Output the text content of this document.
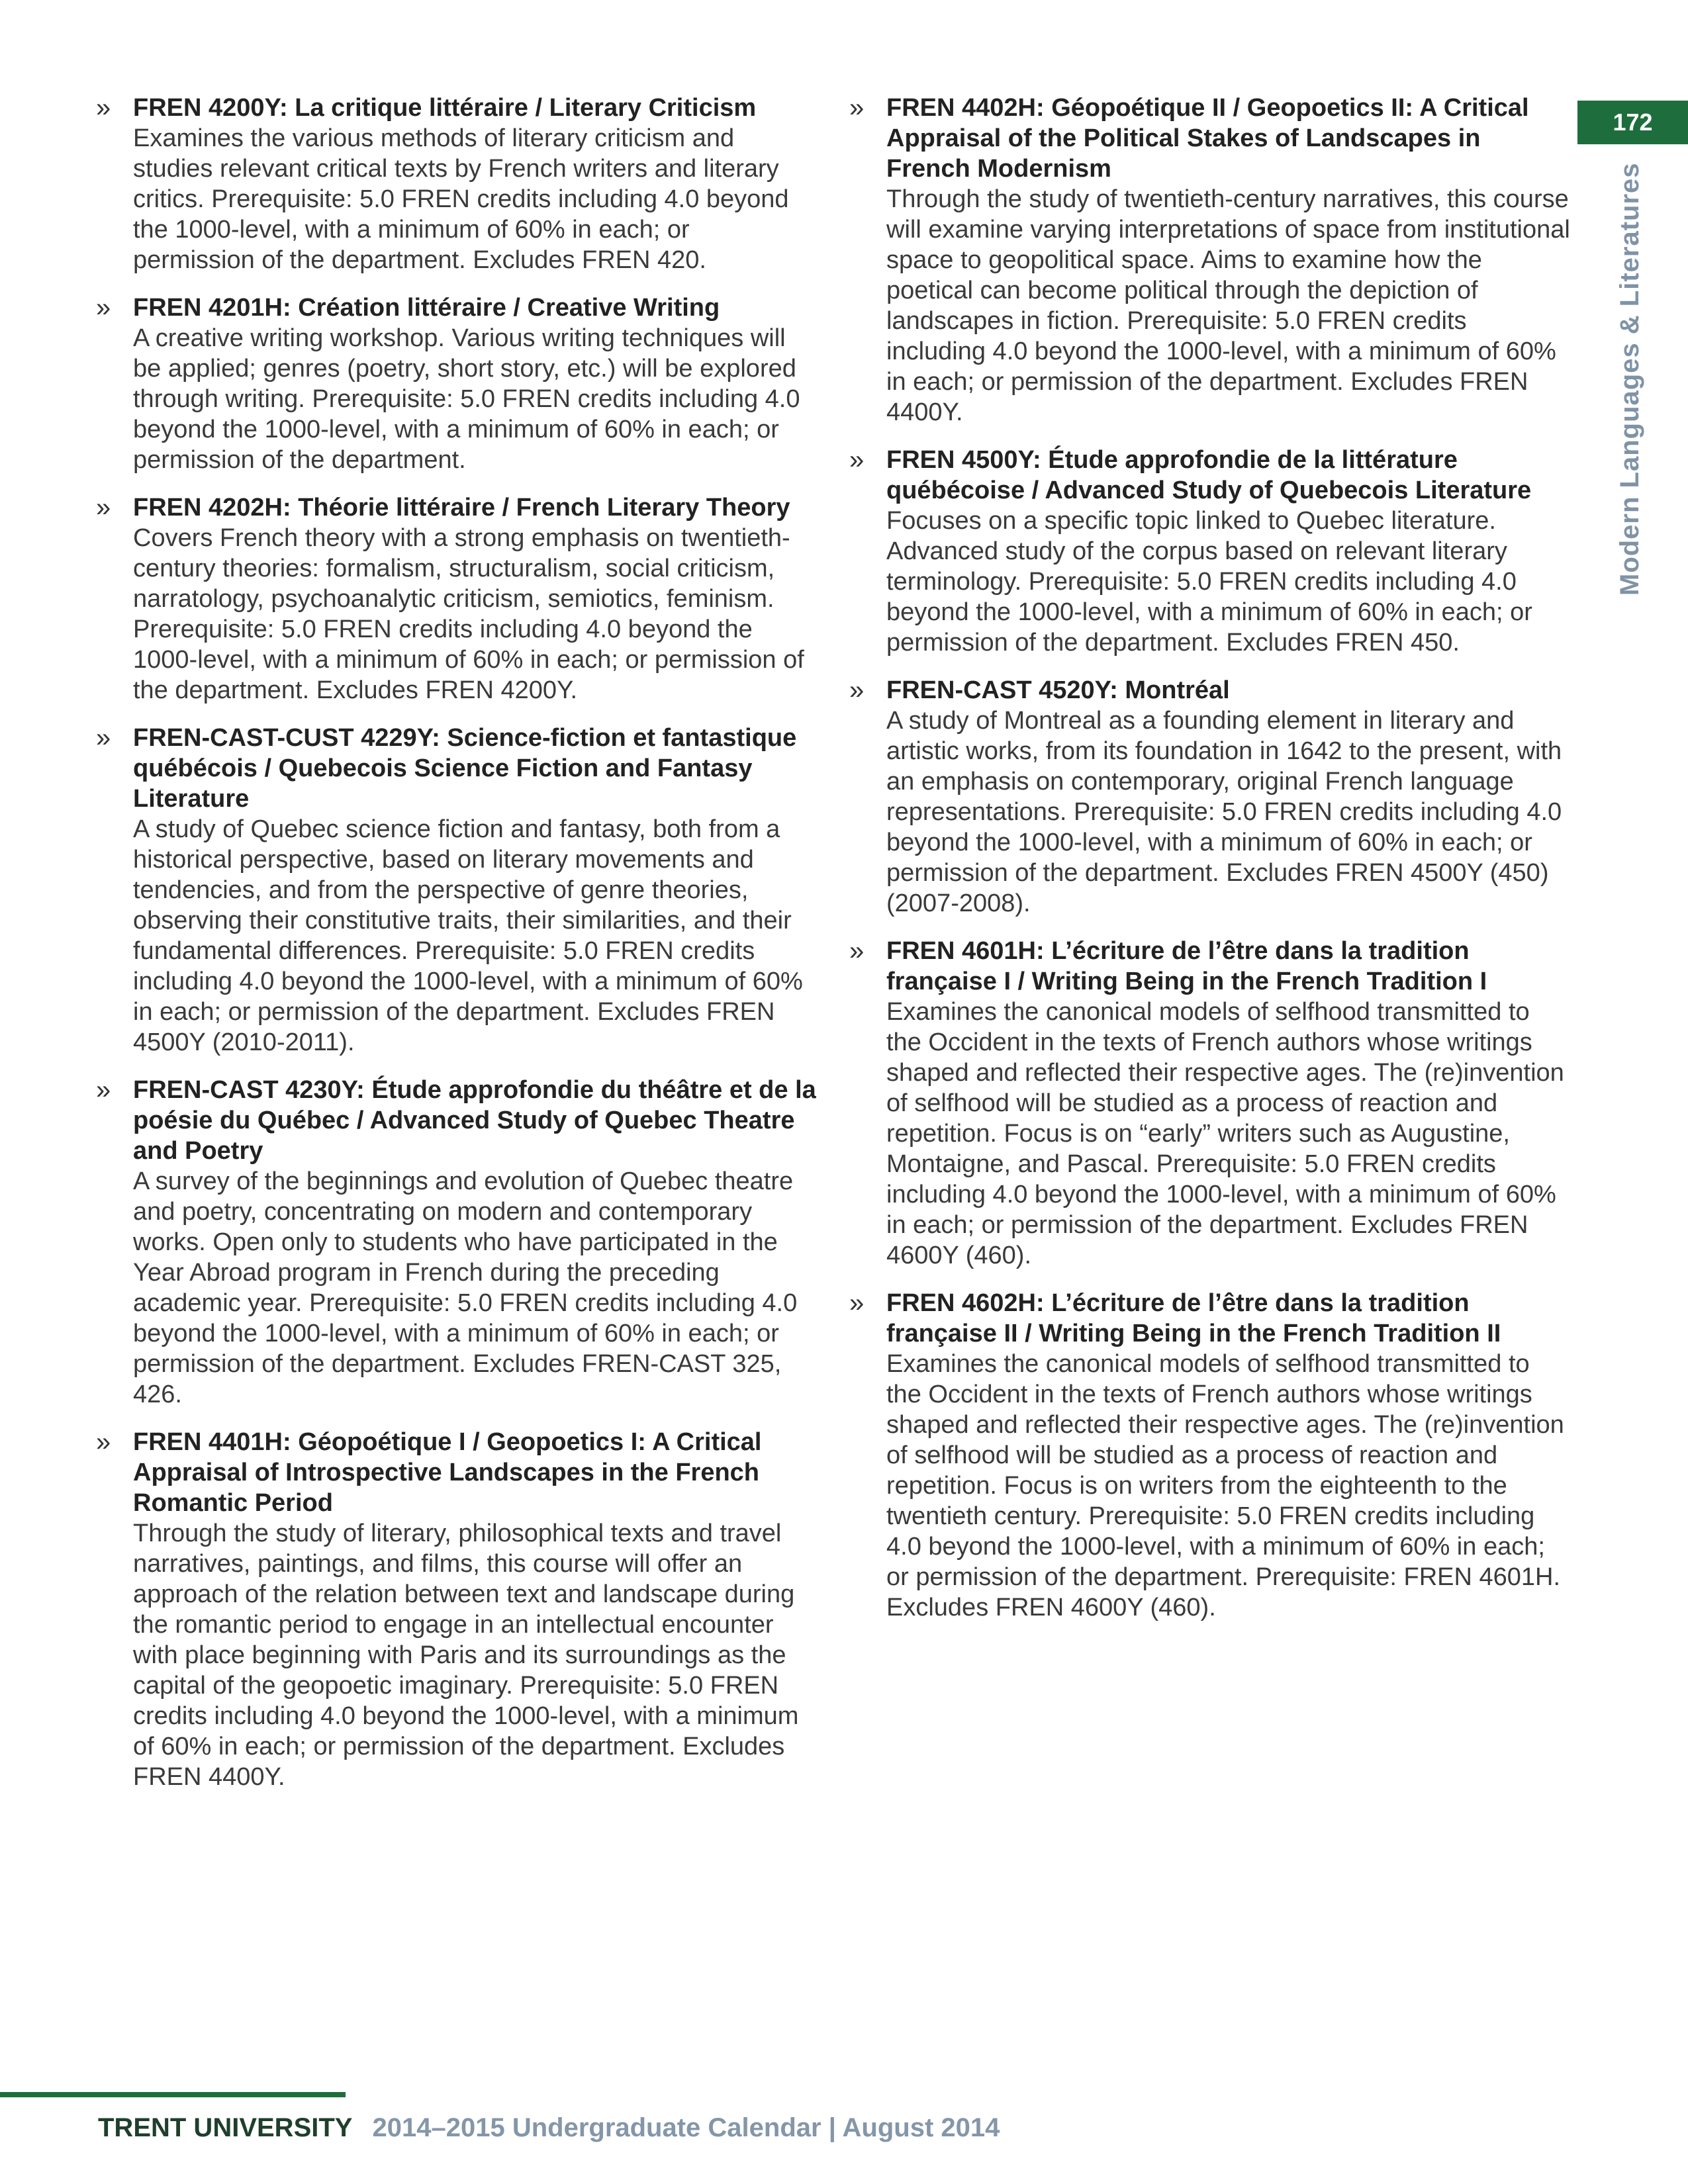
» FREN 4200Y: La critique littéraire / Literary Criticism
Examines the various methods of literary criticism and studies relevant critical texts by French writers and literary critics. Prerequisite: 5.0 FREN credits including 4.0 beyond the 1000-level, with a minimum of 60% in each; or permission of the department. Excludes FREN 420.
» FREN 4201H: Création littéraire / Creative Writing
A creative writing workshop. Various writing techniques will be applied; genres (poetry, short story, etc.) will be explored through writing. Prerequisite: 5.0 FREN credits including 4.0 beyond the 1000-level, with a minimum of 60% in each; or permission of the department.
» FREN 4202H: Théorie littéraire / French Literary Theory
Covers French theory with a strong emphasis on twentieth-century theories: formalism, structuralism, social criticism, narratology, psychoanalytic criticism, semiotics, feminism. Prerequisite: 5.0 FREN credits including 4.0 beyond the 1000-level, with a minimum of 60% in each; or permission of the department. Excludes FREN 4200Y.
» FREN-CAST-CUST 4229Y: Science-fiction et fantastique québécois / Quebecois Science Fiction and Fantasy Literature
A study of Quebec science fiction and fantasy, both from a historical perspective, based on literary movements and tendencies, and from the perspective of genre theories, observing their constitutive traits, their similarities, and their fundamental differences. Prerequisite: 5.0 FREN credits including 4.0 beyond the 1000-level, with a minimum of 60% in each; or permission of the department. Excludes FREN 4500Y (2010-2011).
» FREN-CAST 4230Y: Étude approfondie du théâtre et de la poésie du Québec / Advanced Study of Quebec Theatre and Poetry
A survey of the beginnings and evolution of Quebec theatre and poetry, concentrating on modern and contemporary works. Open only to students who have participated in the Year Abroad program in French during the preceding academic year. Prerequisite: 5.0 FREN credits including 4.0 beyond the 1000-level, with a minimum of 60% in each; or permission of the department. Excludes FREN-CAST 325, 426.
» FREN 4401H: Géopoétique I / Geopoetics I: A Critical Appraisal of Introspective Landscapes in the French Romantic Period
Through the study of literary, philosophical texts and travel narratives, paintings, and films, this course will offer an approach of the relation between text and landscape during the romantic period to engage in an intellectual encounter with place beginning with Paris and its surroundings as the capital of the geopoetic imaginary. Prerequisite: 5.0 FREN credits including 4.0 beyond the 1000-level, with a minimum of 60% in each; or permission of the department. Excludes FREN 4400Y.
» FREN 4402H: Géopoétique II / Geopoetics II: A Critical Appraisal of the Political Stakes of Landscapes in French Modernism
Through the study of twentieth-century narratives, this course will examine varying interpretations of space from institutional space to geopolitical space. Aims to examine how the poetical can become political through the depiction of landscapes in fiction. Prerequisite: 5.0 FREN credits including 4.0 beyond the 1000-level, with a minimum of 60% in each; or permission of the department. Excludes FREN 4400Y.
» FREN 4500Y: Étude approfondie de la littérature québécoise / Advanced Study of Quebecois Literature
Focuses on a specific topic linked to Quebec literature. Advanced study of the corpus based on relevant literary terminology. Prerequisite: 5.0 FREN credits including 4.0 beyond the 1000-level, with a minimum of 60% in each; or permission of the department. Excludes FREN 450.
» FREN-CAST 4520Y: Montréal
A study of Montreal as a founding element in literary and artistic works, from its foundation in 1642 to the present, with an emphasis on contemporary, original French language representations. Prerequisite: 5.0 FREN credits including 4.0 beyond the 1000-level, with a minimum of 60% in each; or permission of the department. Excludes FREN 4500Y (450) (2007-2008).
» FREN 4601H: L’écriture de l’être dans la tradition française I / Writing Being in the French Tradition I
Examines the canonical models of selfhood transmitted to the Occident in the texts of French authors whose writings shaped and reflected their respective ages. The (re)invention of selfhood will be studied as a process of reaction and repetition. Focus is on “early” writers such as Augustine, Montaigne, and Pascal. Prerequisite: 5.0 FREN credits including 4.0 beyond the 1000-level, with a minimum of 60% in each; or permission of the department. Excludes FREN 4600Y (460).
» FREN 4602H: L’écriture de l’être dans la tradition française II / Writing Being in the French Tradition II
Examines the canonical models of selfhood transmitted to the Occident in the texts of French authors whose writings shaped and reflected their respective ages. The (re)invention of selfhood will be studied as a process of reaction and repetition. Focus is on writers from the eighteenth to the twentieth century. Prerequisite: 5.0 FREN credits including 4.0 beyond the 1000-level, with a minimum of 60% in each; or permission of the department. Prerequisite: FREN 4601H. Excludes FREN 4600Y (460).
172
Modern Languages & Literatures
TRENT UNIVERSITY 2014–2015 Undergraduate Calendar | August 2014
